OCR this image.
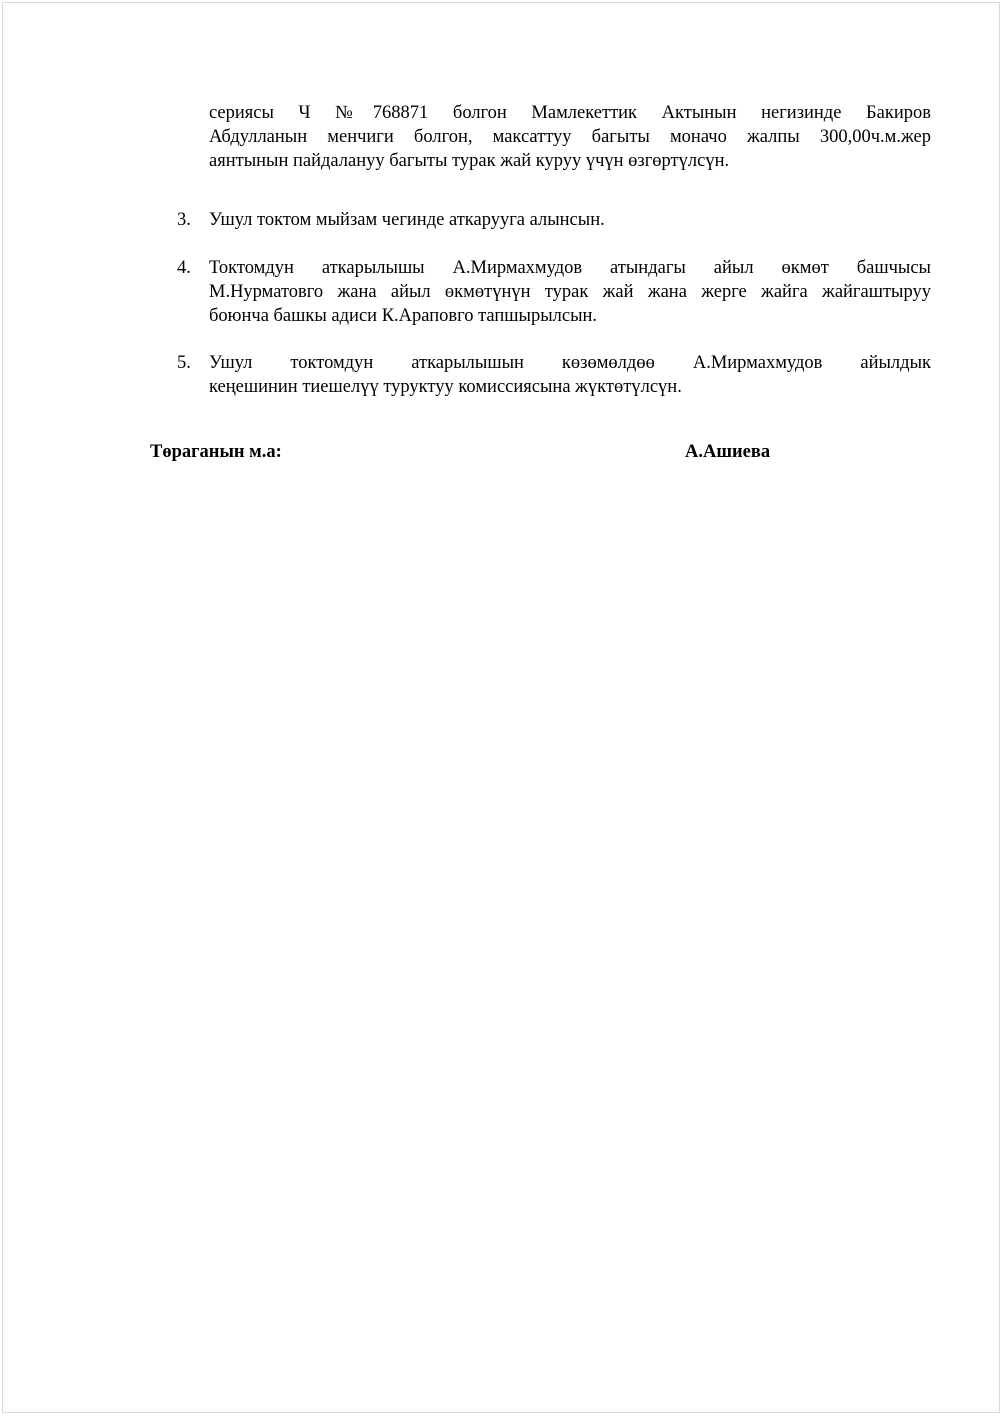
сериясы Ч №768871 болгон Мамлекеттик Актынын негизинде Бакиров
Абдулланын менчиги болгон, максаттуу багыты моначо жалпы 300,00ч.м.жер
аянтынын пайдалануу багыты турак жай куруу үчүн өзгөртүлсүн.
3. Ушул токтом мыйзам чегинде аткарууга алынсын.
4. Токтомдун аткарылышы А.Мирмахмудов атындагы айыл өкмөт башчысы
М.Нурматовго жана айыл өкмөтүнүн турак жай жана жерге жайга жайгаштыруу
боюнча башкы адиси К.Араповго тапшырылсын.
5. Ушул токтомдун аткарылышын көзөмөлдөө А.Мирмахмудов айылдык
кеңешинин тиешелүү туруктуу комиссиясына жүктөтүлсүн.
Төраганын м.а:	А.Ашиева
